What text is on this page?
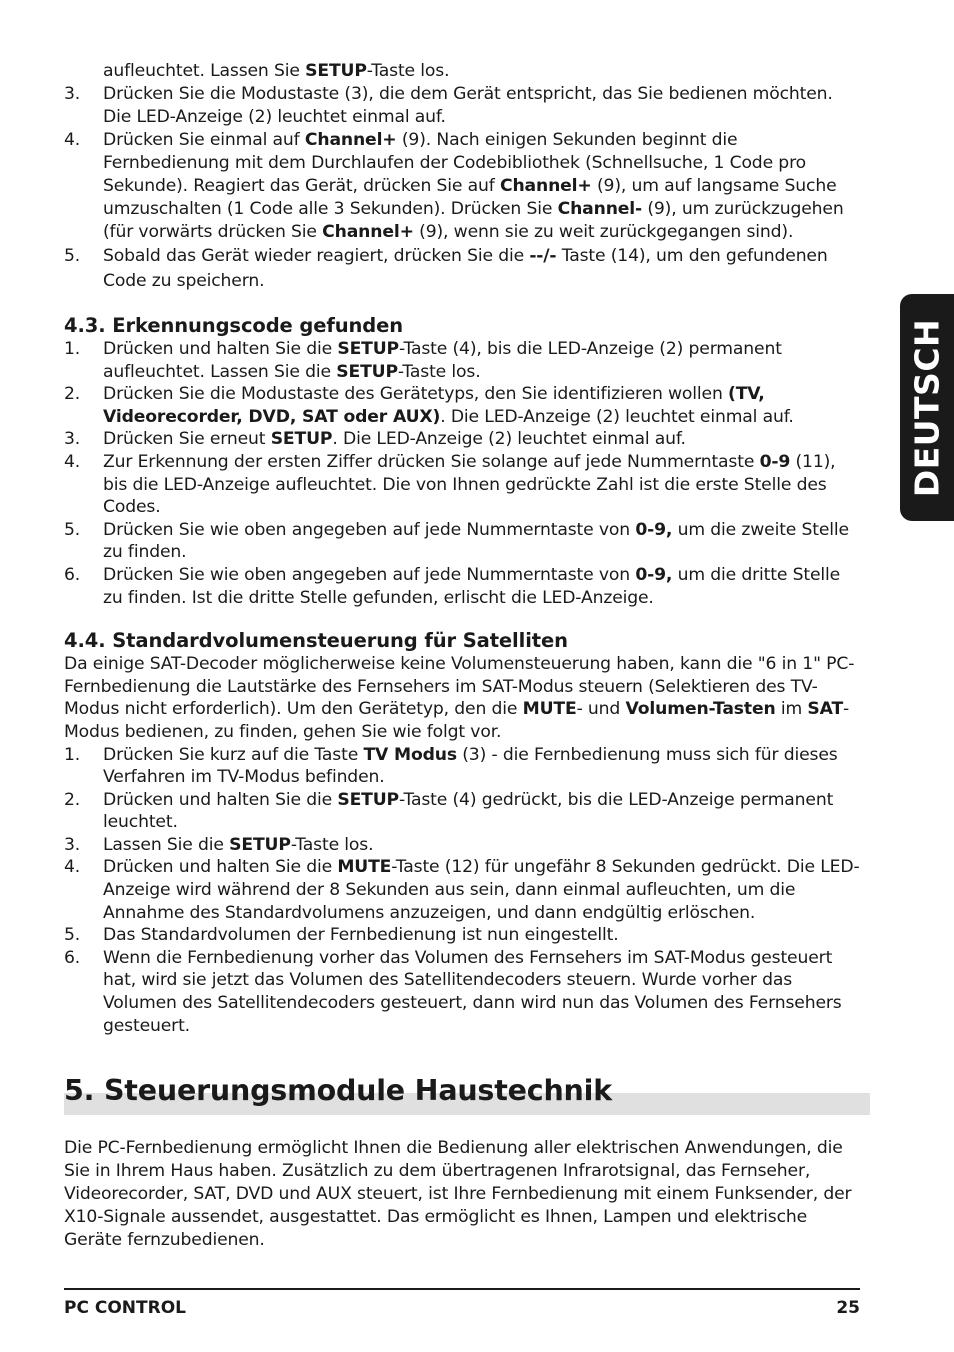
DEUTSCH

aufleuchtet. Lassen Sie SETUP-Taste los.

3. Drücken Sie die Modustaste (3), die dem Gerät entspricht, das Sie bedienen möchten. Die LED-Anzeige (2) leuchtet einmal auf.
4. Drücken Sie einmal auf Channel+ (9). Nach einigen Sekunden beginnt die Fernbedienung mit dem Durchlaufen der Codebibliothek (Schnellsuche, 1 Code pro Sekunde). Reagiert das Gerät, drücken Sie auf Channel+ (9), um auf langsame Suche umzuschalten (1 Code alle 3 Sekunden). Drücken Sie Channel- (9), um zurückzugehen (für vorwärts drücken Sie Channel+ (9), wenn sie zu weit zurückgegangen sind).
5. Sobald das Gerät wieder reagiert, drücken Sie die --/- Taste (14), um den gefundenen Code zu speichern.
4.3. Erkennungscode gefunden
1. Drücken und halten Sie die SETUP-Taste (4), bis die LED-Anzeige (2) permanent aufleuchtet. Lassen Sie die SETUP-Taste los.
2. Drücken Sie die Modustaste des Gerätetyps, den Sie identifizieren wollen (TV, Videorecorder, DVD, SAT oder AUX). Die LED-Anzeige (2) leuchtet einmal auf.
3. Drücken Sie erneut SETUP. Die LED-Anzeige (2) leuchtet einmal auf.
4. Zur Erkennung der ersten Ziffer drücken Sie solange auf jede Nummerntaste 0-9 (11), bis die LED-Anzeige aufleuchtet. Die von Ihnen gedrückte Zahl ist die erste Stelle des Codes.
5. Drücken Sie wie oben angegeben auf jede Nummerntaste von 0-9, um die zweite Stelle zu finden.
6. Drücken Sie wie oben angegeben auf jede Nummerntaste von 0-9, um die dritte Stelle zu finden. Ist die dritte Stelle gefunden, erlischt die LED-Anzeige.
4.4. Standardvolumensteuerung für Satelliten

Da einige SAT-Decoder möglicherweise keine Volumensteuerung haben, kann die "6 in 1" PC-Fernbedienung die Lautstärke des Fernsehers im SAT-Modus steuern (Selektieren des TV-Modus nicht erforderlich). Um den Gerätetyp, den die MUTE- und Volumen-Tasten im SAT-Modus bedienen, zu finden, gehen Sie wie folgt vor.

1. Drücken Sie kurz auf die Taste TV Modus (3) - die Fernbedienung muss sich für dieses Verfahren im TV-Modus befinden.
2. Drücken und halten Sie die SETUP-Taste (4) gedrückt, bis die LED-Anzeige permanent leuchtet.
3. Lassen Sie die SETUP-Taste los.
4. Drücken und halten Sie die MUTE-Taste (12) für ungefähr 8 Sekunden gedrückt. Die LED-Anzeige wird während der 8 Sekunden aus sein, dann einmal aufleuchten, um die Annahme des Standardvolumens anzuzeigen, und dann endgültig erlöschen.
5. Das Standardvolumen der Fernbedienung ist nun eingestellt.
6. Wenn die Fernbedienung vorher das Volumen des Fernsehers im SAT-Modus gesteuert hat, wird sie jetzt das Volumen des Satellitendecoders steuern. Wurde vorher das Volumen des Satellitendecoders gesteuert, dann wird nun das Volumen des Fernsehers gesteuert.
5. Steuerungsmodule Haustechnik

Die PC-Fernbedienung ermöglicht Ihnen die Bedienung aller elektrischen Anwendungen, die Sie in Ihrem Haus haben. Zusätzlich zu dem übertragenen Infrarotsignal, das Fernseher, Videorecorder, SAT, DVD und AUX steuert, ist Ihre Fernbedienung mit einem Funksender, der X10-Signale aussendet, ausgestattet. Das ermöglicht es Ihnen, Lampen und elektrische Geräte fernzubedienen.

PC CONTROL	25
